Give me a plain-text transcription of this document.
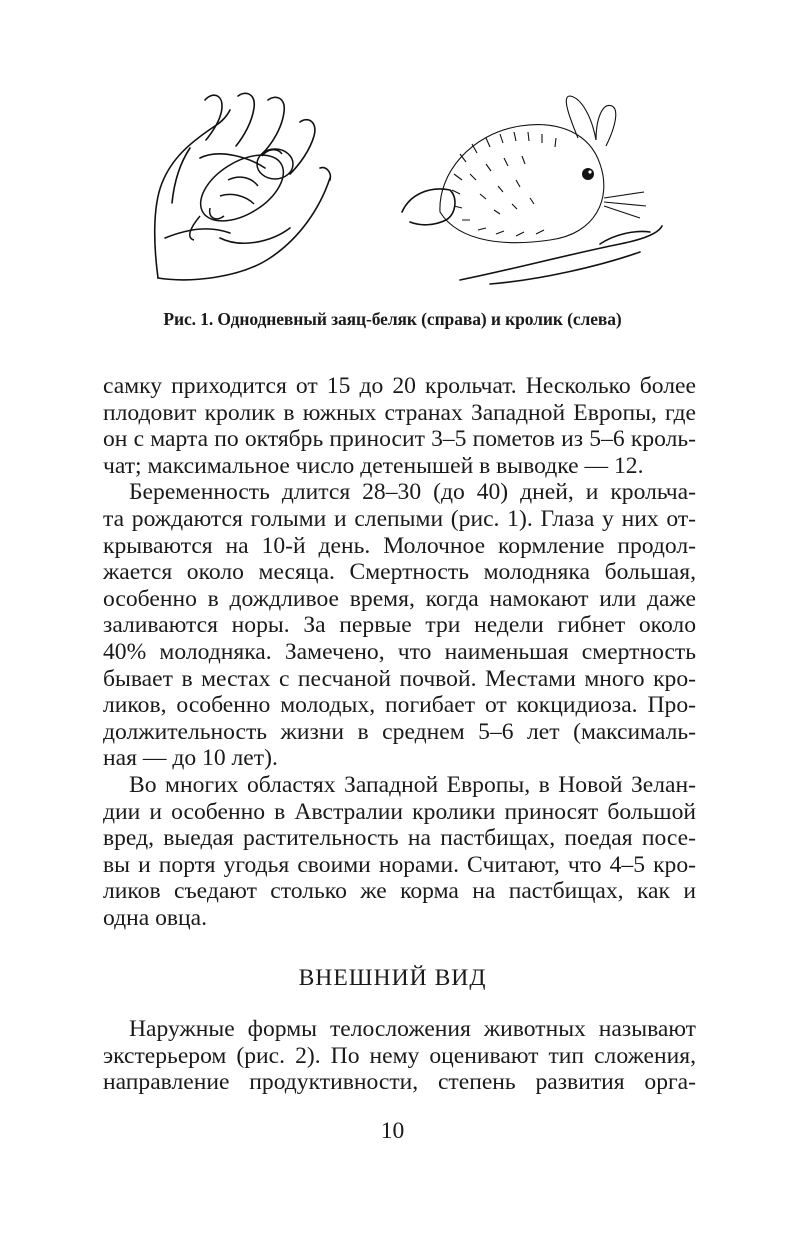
Рис. 1. Однодневный заяц-беляк (справа) и кролик (слева)
самку приходится от 15 до 20 крольчат. Несколько более
плодовит кролик в южных странах Западной Европы, где
он с марта по октябрь приносит 3–5 пометов из 5–6 кроль-
чат; максимальное число детенышей в выводке — 12.
Беременность длится 28–30 (до 40) дней, и крольча-
та рождаются голыми и слепыми (рис. 1). Глаза у них от-
крываются на 10-й день. Молочное кормление продол-
жается около месяца. Смертность молодняка большая,
особенно в дождливое время, когда намокают или даже
заливаются норы. За первые три недели гибнет около
40% молодняка. Замечено, что наименьшая смертность
бывает в местах с песчаной почвой. Местами много кро-
ликов, особенно молодых, погибает от кокцидиоза. Про-
должительность жизни в среднем 5–6 лет (максималь-
ная — до 10 лет).
Во многих областях Западной Европы, в Новой Зелан-
дии и особенно в Австралии кролики приносят большой
вред, выедая растительность на пастбищах, поедая посе-
вы и портя угодья своими норами. Считают, что 4–5 кро-
ликов съедают столько же корма на пастбищах, как и
одна овца.
ВНЕШНИЙ ВИД
Наружные формы телосложения животных называют
экстерьером (рис. 2). По нему оценивают тип сложения,
направление продуктивности, степень развития орга-
10
